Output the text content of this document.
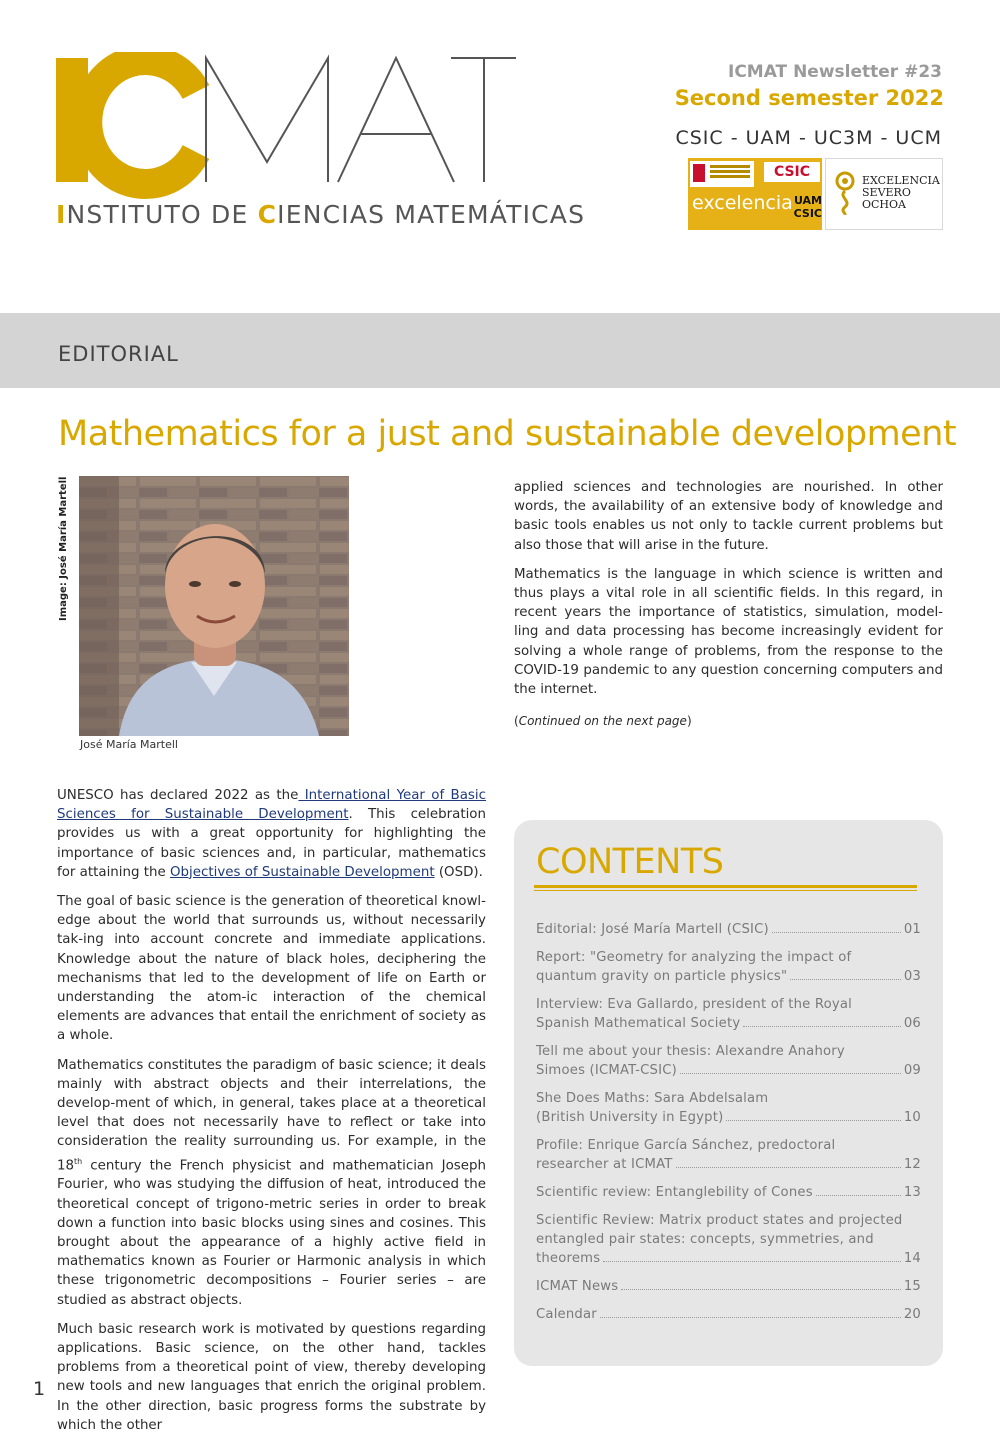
INSTITUTO DE CIENCIAS MATEMÁTICAS
ICMAT Newsletter #23
Second semester 2022
CSIC - UAM - UC3M - UCM
CSIC
excelencia UAM CSIC
EXCELENCIA
SEVERO
OCHOA
EDITORIAL
Mathematics for a just and sustainable development
Image: José María Martell
José María Martell

applied sciences and technologies are nourished. In other words, the availability of an extensive body of knowledge and basic tools enables us not only to tackle current problems but also those that will arise in the future.

Mathematics is the language in which science is written and thus plays a vital role in all scientific fields. In this regard, in recent years the importance of statistics, simulation, model-ling and data processing has become increasingly evident for solving a whole range of problems, from the response to the COVID-19 pandemic to any question concerning computers and the internet.

(Continued on the next page)

UNESCO has declared 2022 as the International Year of Basic Sciences for Sustainable Development. This celebration provides us with a great opportunity for highlighting the importance of basic sciences and, in particular, mathematics for attaining the Objectives of Sustainable Development (OSD).

The goal of basic science is the generation of theoretical knowl-edge about the world that surrounds us, without necessarily tak-ing into account concrete and immediate applications. Knowledge about the nature of black holes, deciphering the mechanisms that led to the development of life on Earth or understanding the atom-ic interaction of the chemical elements are advances that entail the enrichment of society as a whole.

Mathematics constitutes the paradigm of basic science; it deals mainly with abstract objects and their interrelations, the develop-ment of which, in general, takes place at a theoretical level that does not necessarily have to reflect or take into consideration the reality surrounding us. For example, in the 18th century the French physicist and mathematician Joseph Fourier, who was studying the diffusion of heat, introduced the theoretical concept of trigono-metric series in order to break down a function into basic blocks using sines and cosines. This brought about the appearance of a highly active field in mathematics known as Fourier or Harmonic analysis in which these trigonometric decompositions – Fourier series – are studied as abstract objects.

Much basic research work is motivated by questions regarding applications. Basic science, on the other hand, tackles problems from a theoretical point of view, thereby developing new tools and new languages that enrich the original problem. In the other direction, basic progress forms the substrate by which the other

CONTENTS
Editorial: José María Martell (CSIC)	01
Report: "Geometry for analyzing the impact of
quantum gravity on particle physics"	03
Interview: Eva Gallardo, president of the Royal
Spanish Mathematical Society	06
Tell me about your thesis: Alexandre Anahory
Simoes (ICMAT-CSIC)	09
She Does Maths: Sara Abdelsalam
(British University in Egypt)	10
Profile: Enrique García Sánchez, predoctoral
researcher at ICMAT	12
Scientific review: Entanglebility of Cones	13
Scientific Review: Matrix product states and projected
entangled pair states: concepts, symmetries, and
theorems	14
ICMAT News	15
Calendar	20
1
